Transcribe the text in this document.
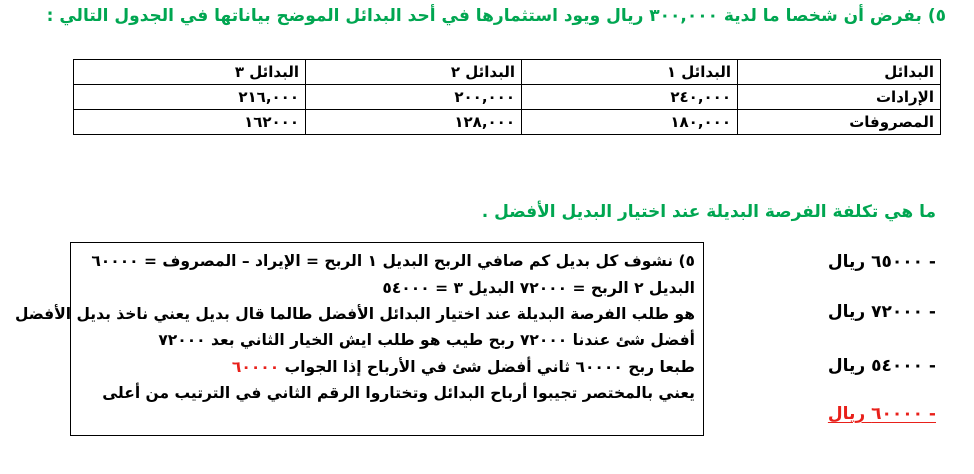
٥) بفرض أن شخصا ما لدية ٣٠٠,٠٠٠ ريال ويود استثمارها في أحد البدائل الموضح بياناتها في الجدول التالي :
البدائل	البدائل ١	البدائل ٢	البدائل ٣
الإرادات	٢٤٠,٠٠٠	٢٠٠,٠٠٠	٢١٦,٠٠٠
المصروفات	١٨٠,٠٠٠	١٢٨,٠٠٠	١٦٢٠٠٠
ما هي تكلفة الفرصة البديلة عند اختيار البديل الأفضل .
٥) نشوف كل بديل كم صافي الربح البديل ١ الربح = الإيراد – المصروف = ٦٠٠٠٠
البديل ٢ الربح = ٧٢٠٠٠ البديل ٣ = ٥٤٠٠٠
هو طلب الفرصة البديلة عند اختيار البدائل الأفضل طالما قال بديل يعني ناخذ بديل الأفضل
أفضل شئ عندنا ٧٢٠٠٠ ربح طيب هو طلب ايش الخيار الثاني بعد ٧٢٠٠٠
طبعا ربح ٦٠٠٠٠ ثاني أفضل شئ في الأرباح إذا الجواب ٦٠٠٠٠
يعني بالمختصر تجيبوا أرباح البدائل وتختاروا الرقم الثاني في الترتيب من أعلى
- ٦٥٠٠٠ ريال
- ٧٢٠٠٠ ريال
- ٥٤٠٠٠ ريال
- ٦٠٠٠٠ ريال
